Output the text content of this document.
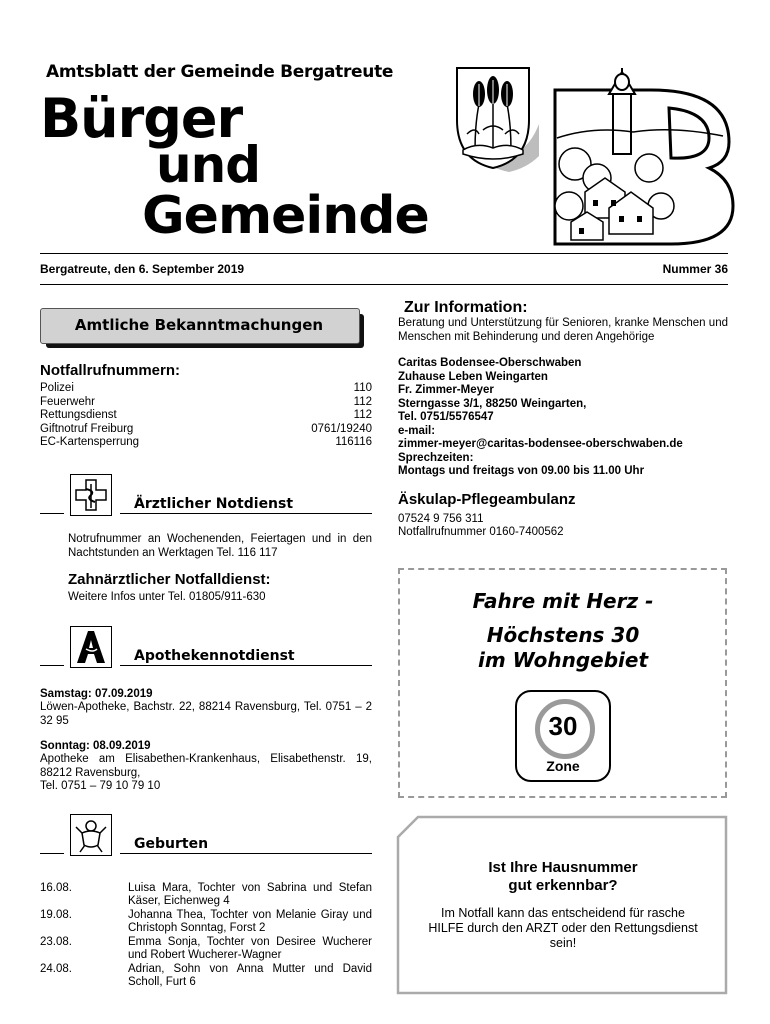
Amtsblatt der Gemeinde Bergatreute
Bürger
und
Gemeinde
Bergatreute, den 6. September 2019	Nummer 36
Amtliche Bekanntmachungen
Notfallrufnummern:
Polizei	110
Feuerwehr	112
Rettungsdienst	112
Giftnotruf Freiburg	0761/19240
EC-Kartensperrung	116116
Ärztlicher Notdienst
Notrufnummer an Wochenenden, Feiertagen und in den Nachtstunden an Werktagen Tel. 116 117
Zahnärztlicher Notfalldienst:
Weitere Infos unter Tel. 01805/911-630
Apothekennotdienst
Samstag: 07.09.2019
Löwen-Apotheke, Bachstr. 22, 88214 Ravensburg, Tel. 0751 – 2 32 95
Sonntag: 08.09.2019
Apotheke am Elisabethen-Krankenhaus, Elisabethenstr. 19, 88212 Ravensburg,
Tel. 0751 – 79 10 79 10
Geburten
16.08.	Luisa Mara, Tochter von Sabrina und Stefan Käser, Eichenweg 4
19.08.	Johanna Thea, Tochter von Melanie Giray und Christoph Sonntag, Forst 2
23.08.	Emma Sonja, Tochter von Desiree Wucherer und Robert Wucherer-Wagner
24.08.	Adrian, Sohn von Anna Mutter und David Scholl, Furt 6
Zur Information:
Beratung und Unterstützung für Senioren, kranke Menschen und Menschen mit Behinderung und deren Angehörige
Caritas Bodensee-Oberschwaben
Zuhause Leben Weingarten
Fr. Zimmer-Meyer
Sterngasse 3/1, 88250 Weingarten,
Tel. 0751/5576547
e-mail:
zimmer-meyer@caritas-bodensee-oberschwaben.de
Sprechzeiten:
Montags und freitags von 09.00 bis 11.00 Uhr
Äskulap-Pflegeambulanz
07524 9 756 311
Notfallrufnummer 0160-7400562
Fahre mit Herz -
Höchstens 30
im Wohngebiet
30
Zone
Ist Ihre Hausnummer
gut erkennbar?
Im Notfall kann das entscheidend für rasche HILFE durch den ARZT oder den Rettungsdienst sein!
